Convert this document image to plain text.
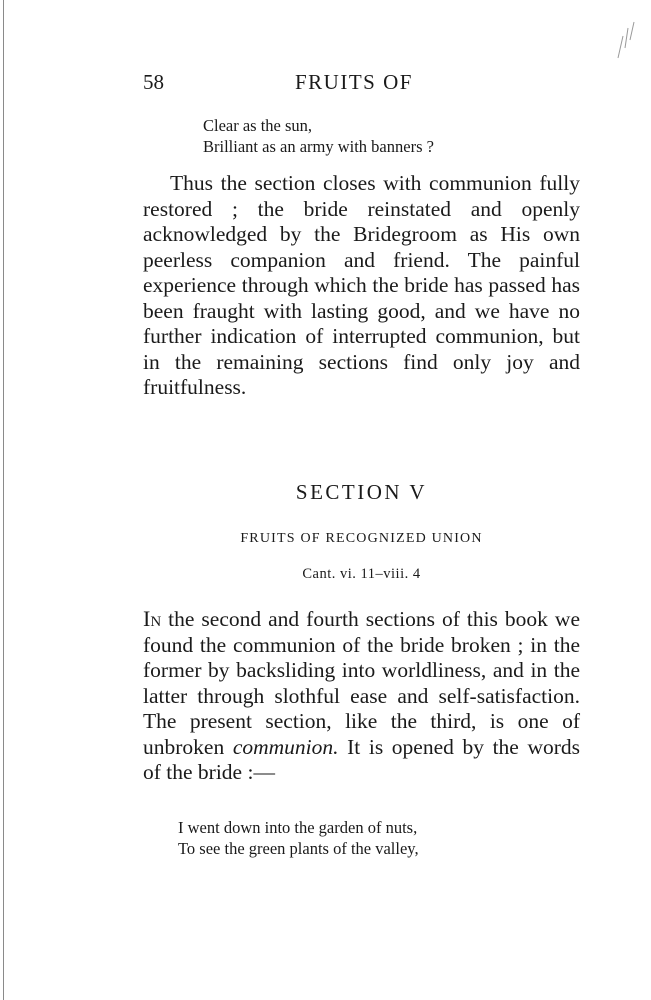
58	FRUITS OF
Clear as the sun,
Brilliant as an army with banners ?

Thus the section closes with communion fully restored ; the bride reinstated and openly acknowledged by the Bridegroom as His own peerless companion and friend. The painful experience through which the bride has passed has been fraught with lasting good, and we have no further indication of interrupted communion, but in the remaining sections find only joy and fruitfulness.

SECTION V
FRUITS OF RECOGNIZED UNION
Cant. vi. 11–viii. 4

In the second and fourth sections of this book we found the communion of the bride broken ; in the former by backsliding into worldliness, and in the latter through slothful ease and self-satisfaction. The present section, like the third, is one of unbroken communion. It is opened by the words of the bride :—

I went down into the garden of nuts,
To see the green plants of the valley,
